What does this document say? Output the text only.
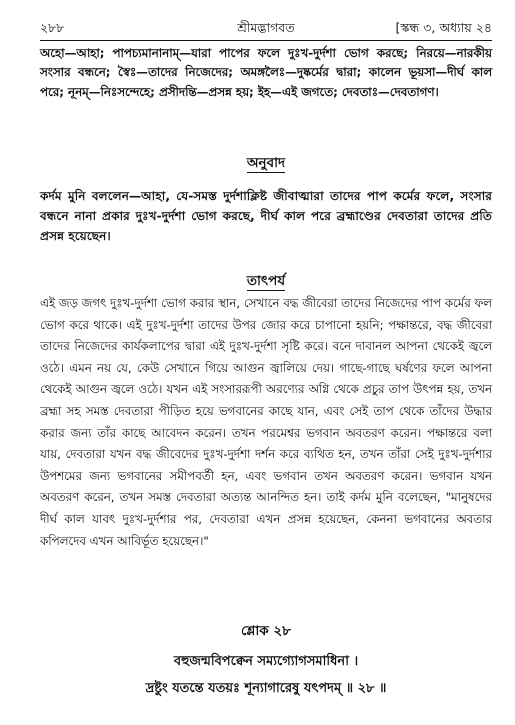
২৮৮	শ্রীমদ্ভাগবত	[স্কন্ধ ৩, অধ্যায় ২৪

অহো—আহা; পাপচ্যমানানাম্—যারা পাপের ফলে দুঃখ-দুর্দশা ভোগ করছে; নিরয়ে—নারকীয় সংসার বন্ধনে; স্বৈঃ—তাদের নিজেদের; অমঙ্গলৈঃ—দুষ্কর্মের দ্বারা; কালেন ভূয়সা—দীর্ঘ কাল পরে; নূনম্—নিঃসন্দেহে; প্রসীদন্তি—প্রসন্ন হয়; ইহ—এই জগতে; দেবতাঃ—দেবতাগণ।

অনুবাদ

কর্দম মুনি বললেন—আহা, যে-সমস্ত দুর্দশাক্লিষ্ট জীবাত্মারা তাদের পাপ কর্মের ফলে, সংসার বন্ধনে নানা প্রকার দুঃখ-দুর্দশা ভোগ করছে, দীর্ঘ কাল পরে ব্রহ্মাণ্ডের দেবতারা তাদের প্রতি প্রসন্ন হয়েছেন।

তাৎপর্য

এই জড় জগৎ দুঃখ-দুর্দশা ভোগ করার স্থান, সেখানে বদ্ধ জীবেরা তাদের নিজেদের পাপ কর্মের ফল ভোগ করে থাকে। এই দুঃখ-দুর্দশা তাদের উপর জোর করে চাপানো হয়নি; পক্ষান্তরে, বদ্ধ জীবেরা তাদের নিজেদের কার্যকলাপের দ্বারা এই দুঃখ-দুর্দশা সৃষ্টি করে। বনে দাবানল আপনা থেকেই জ্বলে ওঠে। এমন নয় যে, কেউ সেখানে গিয়ে আগুন জ্বালিয়ে দেয়। গাছে-গাছে ঘর্ষণের ফলে আপনা থেকেই আগুন জ্বলে ওঠে। যখন এই সংসাররূপী অরণ্যের অগ্নি থেকে প্রচুর তাপ উৎপন্ন হয়, তখন ব্রহ্মা সহ সমস্ত দেবতারা পীড়িত হয়ে ভগবানের কাছে যান, এবং সেই তাপ থেকে তাঁদের উদ্ধার করার জন্য তাঁর কাছে আবেদন করেন। তখন পরমেশ্বর ভগবান অবতরণ করেন। পক্ষান্তরে বলা যায়, দেবতারা যখন বদ্ধ জীবেদের দুঃখ-দুর্দশা দর্শন করে ব্যথিত হন, তখন তাঁরা সেই দুঃখ-দুর্দশার উপশমের জন্য ভগবানের সমীপবর্তী হন, এবং ভগবান তখন অবতরণ করেন। ভগবান যখন অবতরণ করেন, তখন সমস্ত দেবতারা অত্যন্ত আনন্দিত হন। তাই কর্দম মুনি বলেছেন, "মানুষদের দীর্ঘ কাল যাবৎ দুঃখ-দুর্দশার পর, দেবতারা এখন প্রসন্ন হয়েছেন, কেননা ভগবানের অবতার কপিলদেব এখন আবির্ভূত হয়েছেন।"

শ্লোক ২৮
বহুজন্মবিপক্বেন সম্যগ্যোগসমাধিনা ।
দ্রষ্টুং যতন্তে যতয়ঃ শূন্যাগারেষু যৎপদম্ ॥ ২৮ ॥
